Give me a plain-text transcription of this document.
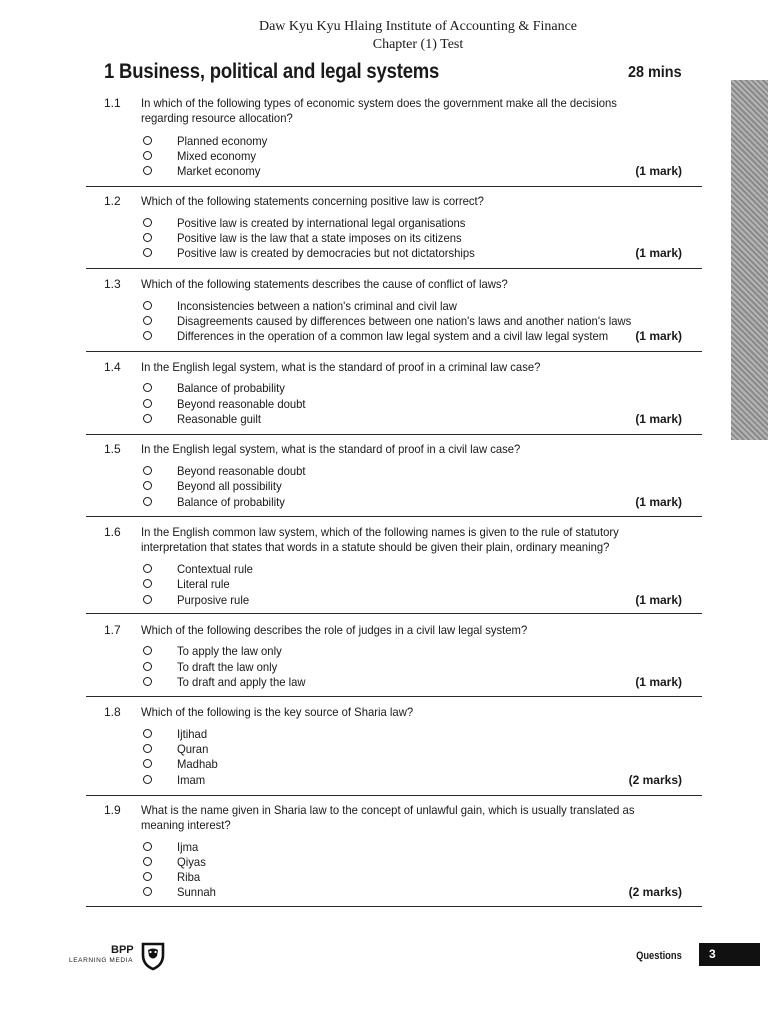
Daw Kyu Kyu Hlaing Institute of Accounting & Finance
Chapter (1) Test
1 Business, political and legal systems	28 mins
1.1 In which of the following types of economic system does the government make all the decisions regarding resource allocation?
Planned economy
Mixed economy
Market economy	(1 mark)
1.2 Which of the following statements concerning positive law is correct?
Positive law is created by international legal organisations
Positive law is the law that a state imposes on its citizens
Positive law is created by democracies but not dictatorships	(1 mark)
1.3 Which of the following statements describes the cause of conflict of laws?
Inconsistencies between a nation's criminal and civil law
Disagreements caused by differences between one nation's laws and another nation's laws
Differences in the operation of a common law legal system and a civil law legal system (1 mark)
1.4 In the English legal system, what is the standard of proof in a criminal law case?
Balance of probability
Beyond reasonable doubt
Reasonable guilt	(1 mark)
1.5 In the English legal system, what is the standard of proof in a civil law case?
Beyond reasonable doubt
Beyond all possibility
Balance of probability	(1 mark)
1.6 In the English common law system, which of the following names is given to the rule of statutory interpretation that states that words in a statute should be given their plain, ordinary meaning?
Contextual rule
Literal rule
Purposive rule	(1 mark)
1.7 Which of the following describes the role of judges in a civil law legal system?
To apply the law only
To draft the law only
To draft and apply the law	(1 mark)
1.8 Which of the following is the key source of Sharia law?
Ijtihad
Quran
Madhab
Imam	(2 marks)
1.9 What is the name given in Sharia law to the concept of unlawful gain, which is usually translated as meaning interest?
Ijma
Qiyas
Riba
Sunnah	(2 marks)
BPP
LEARNING MEDIA	Questions	3
